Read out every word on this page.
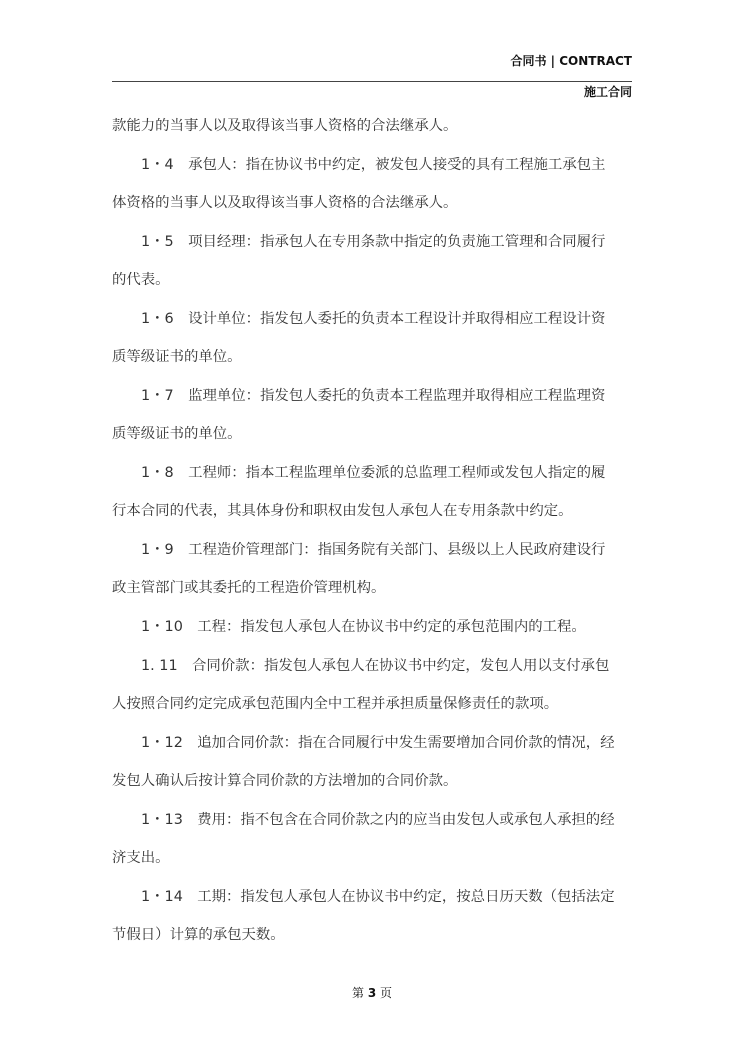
合同书 | CONTRACT
施工合同
款能力的当事人以及取得该当事人资格的合法继承人。
1・4　承包人：指在协议书中约定，被发包人接受的具有工程施工承包主
体资格的当事人以及取得该当事人资格的合法继承人。
1・5　项目经理：指承包人在专用条款中指定的负责施工管理和合同履行
的代表。
1・6　设计单位：指发包人委托的负责本工程设计并取得相应工程设计资
质等级证书的单位。
1・7　监理单位：指发包人委托的负责本工程监理并取得相应工程监理资
质等级证书的单位。
1・8　工程师：指本工程监理单位委派的总监理工程师或发包人指定的履
行本合同的代表，其具体身份和职权由发包人承包人在专用条款中约定。
1・9　工程造价管理部门：指国务院有关部门、县级以上人民政府建设行
政主管部门或其委托的工程造价管理机构。
1・10　工程：指发包人承包人在协议书中约定的承包范围内的工程。
1. 11　合同价款：指发包人承包人在协议书中约定，发包人用以支付承包
人按照合同约定完成承包范围内全中工程并承担质量保修责任的款项。
1・12　追加合同价款：指在合同履行中发生需要增加合同价款的情况，经
发包人确认后按计算合同价款的方法增加的合同价款。
1・13　费用：指不包含在合同价款之内的应当由发包人或承包人承担的经
济支出。
1・14　工期：指发包人承包人在协议书中约定，按总日历天数（包括法定
节假日）计算的承包天数。
第 3 页
